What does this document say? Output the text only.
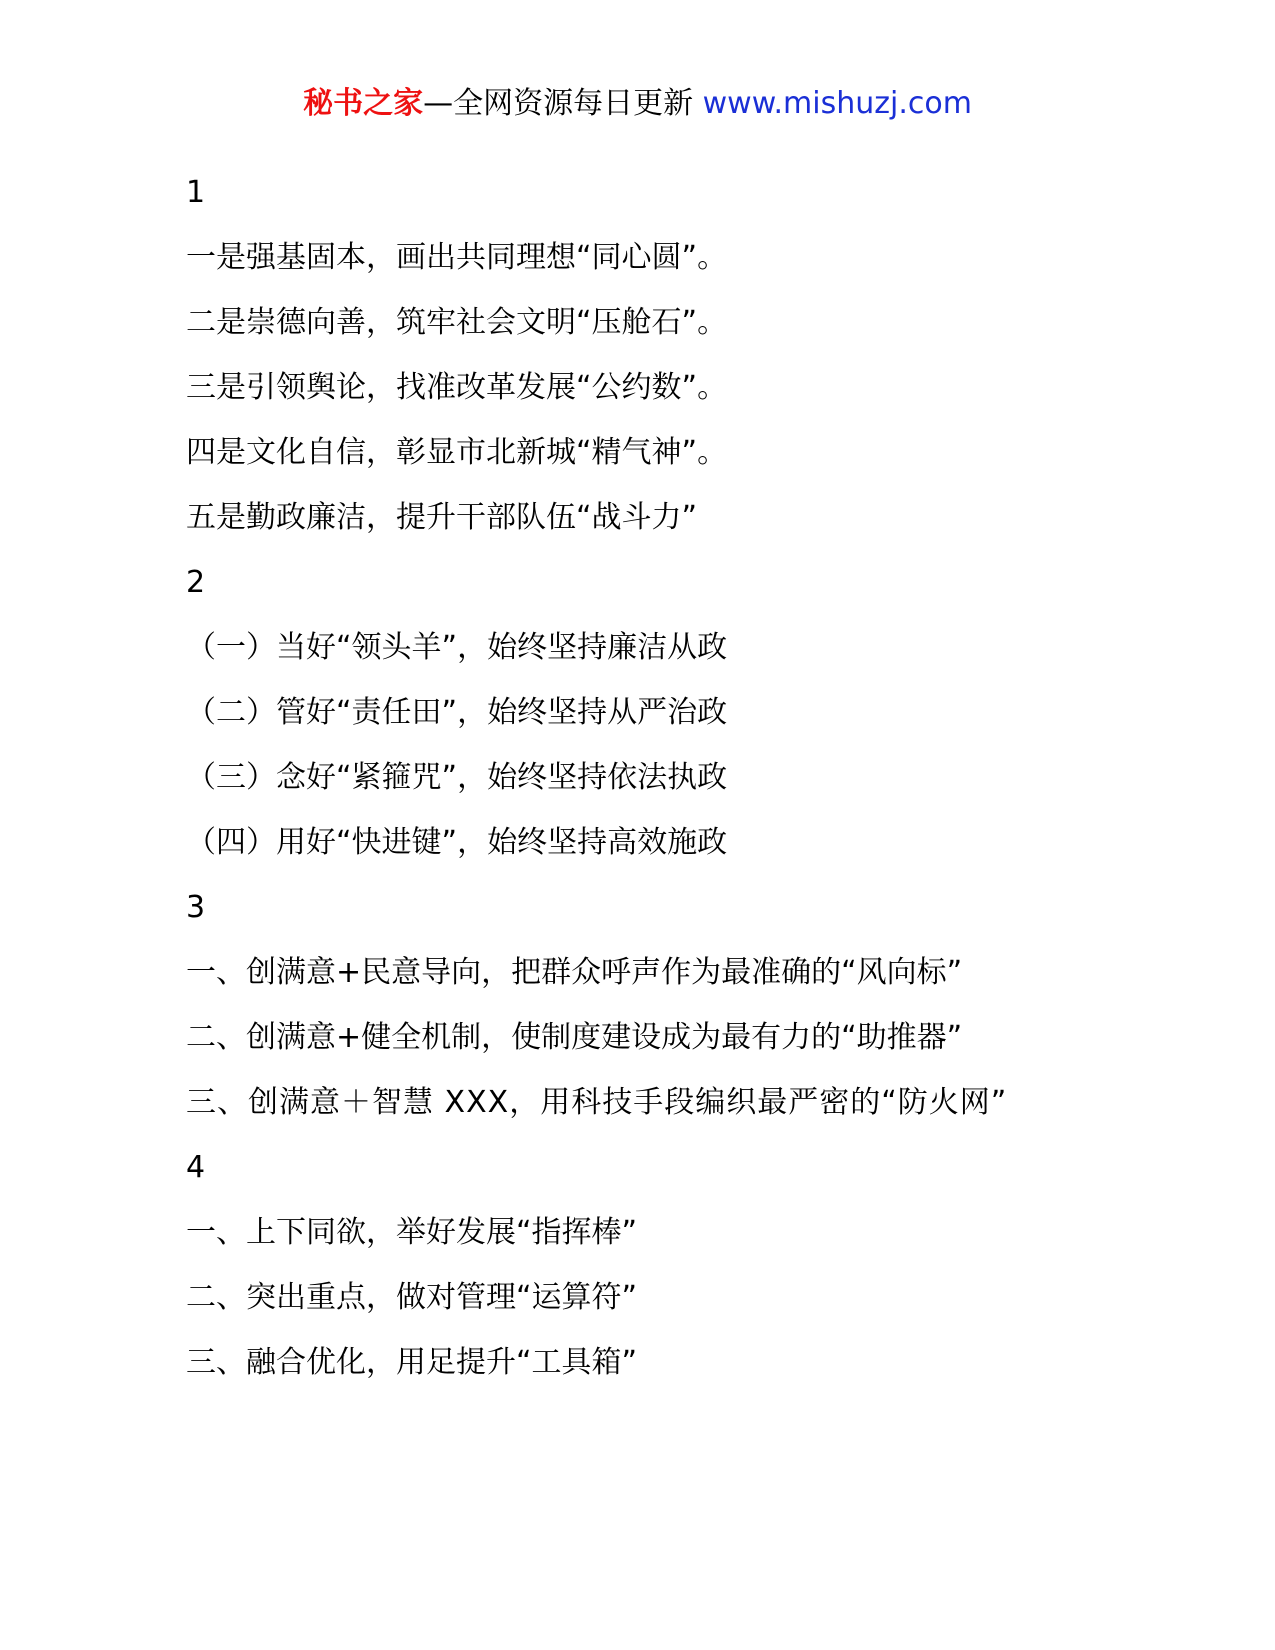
秘书之家—全网资源每日更新 www.mishuzj.com
1
一是强基固本，画出共同理想“同心圆”。
二是崇德向善，筑牢社会文明“压舱石”。
三是引领舆论，找准改革发展“公约数”。
四是文化自信，彰显市北新城“精气神”。
五是勤政廉洁，提升干部队伍“战斗力”
2
（一）当好“领头羊”，始终坚持廉洁从政
（二）管好“责任田”，始终坚持从严治政
（三）念好“紧箍咒”，始终坚持依法执政
（四）用好“快进键”，始终坚持高效施政
3
一、创满意+民意导向，把群众呼声作为最准确的“风向标”
二、创满意+健全机制，使制度建设成为最有力的“助推器”
三、创满意＋智慧 XXX，用科技手段编织最严密的“防火网”
4
一、上下同欲，举好发展“指挥棒”
二、突出重点，做对管理“运算符”
三、融合优化，用足提升“工具箱”
